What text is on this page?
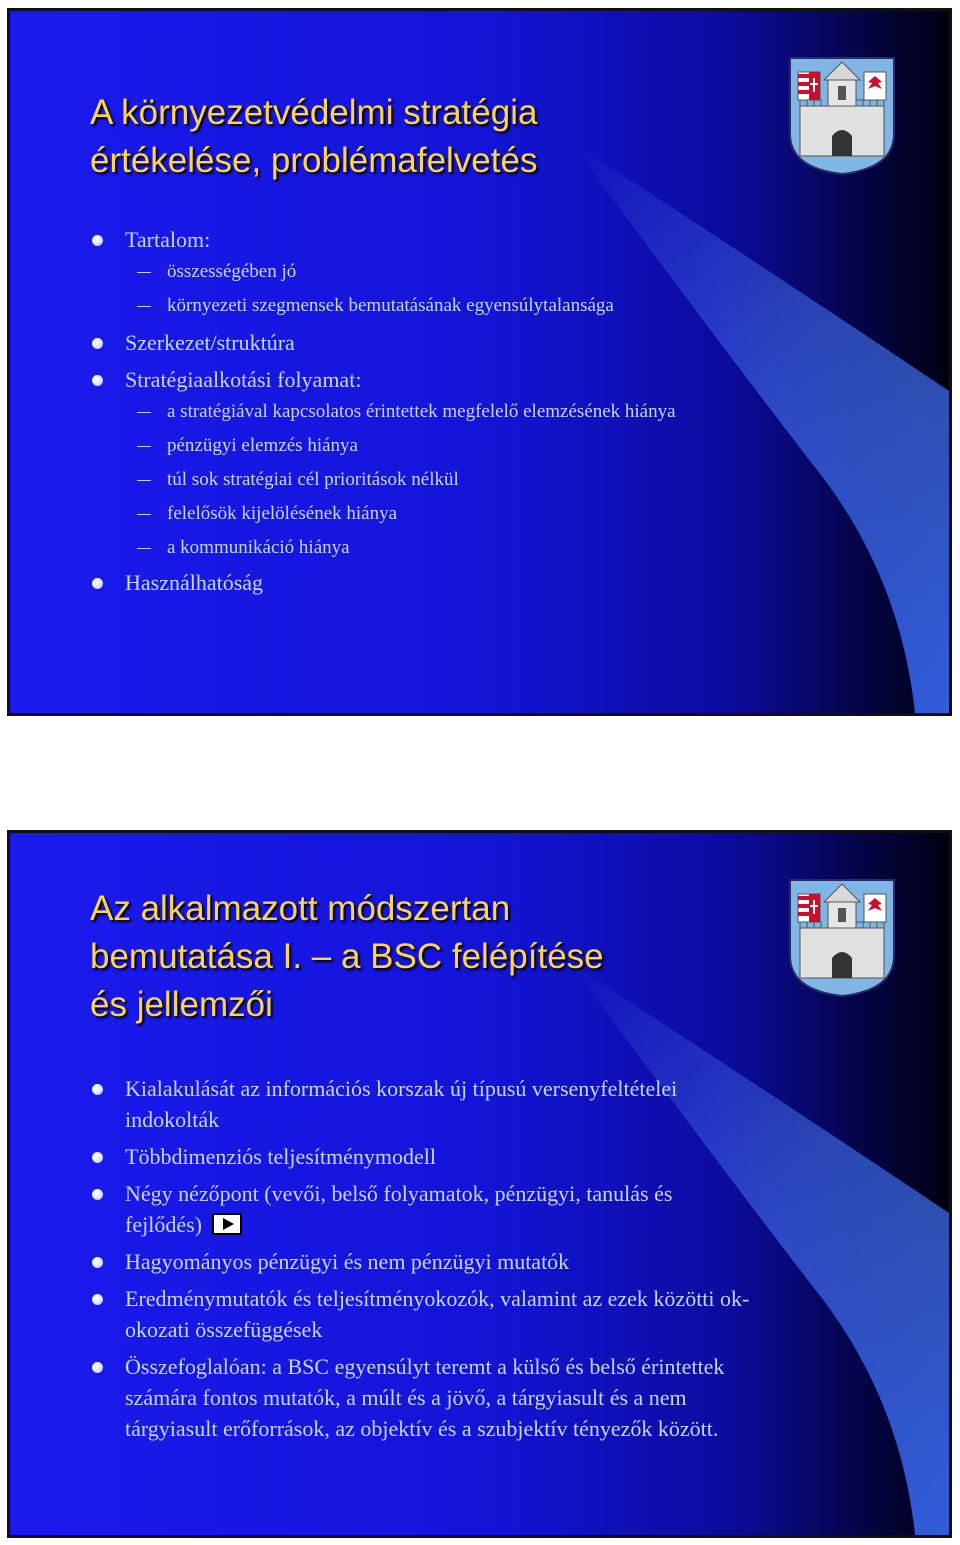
A környezetvédelmi stratégia
értékelése, problémafelvetés
Tartalom:
összességében jó
környezeti szegmensek bemutatásának egyensúlytalansága
Szerkezet/struktúra
Stratégiaalkotási folyamat:
a stratégiával kapcsolatos érintettek megfelelő elemzésének hiánya
pénzügyi elemzés hiánya
túl sok stratégiai cél prioritások nélkül
felelősök kijelölésének hiánya
a kommunikáció hiánya
Használhatóság
Az alkalmazott módszertan
bemutatása I. – a BSC felépítése
és jellemzői
Kialakulását az információs korszak új típusú versenyfeltételei
indokolták
Többdimenziós teljesítménymodell
Négy nézőpont (vevői, belső folyamatok, pénzügyi, tanulás és
fejlődés)
Hagyományos pénzügyi és nem pénzügyi mutatók
Eredménymutatók és teljesítményokozók, valamint az ezek közötti ok-
okozati összefüggések
Összefoglalóan: a BSC egyensúlyt teremt a külső és belső érintettek
számára fontos mutatók, a múlt és a jövő, a tárgyiasult és a nem
tárgyiasult erőforrások, az objektív és a szubjektív tényezők között.
